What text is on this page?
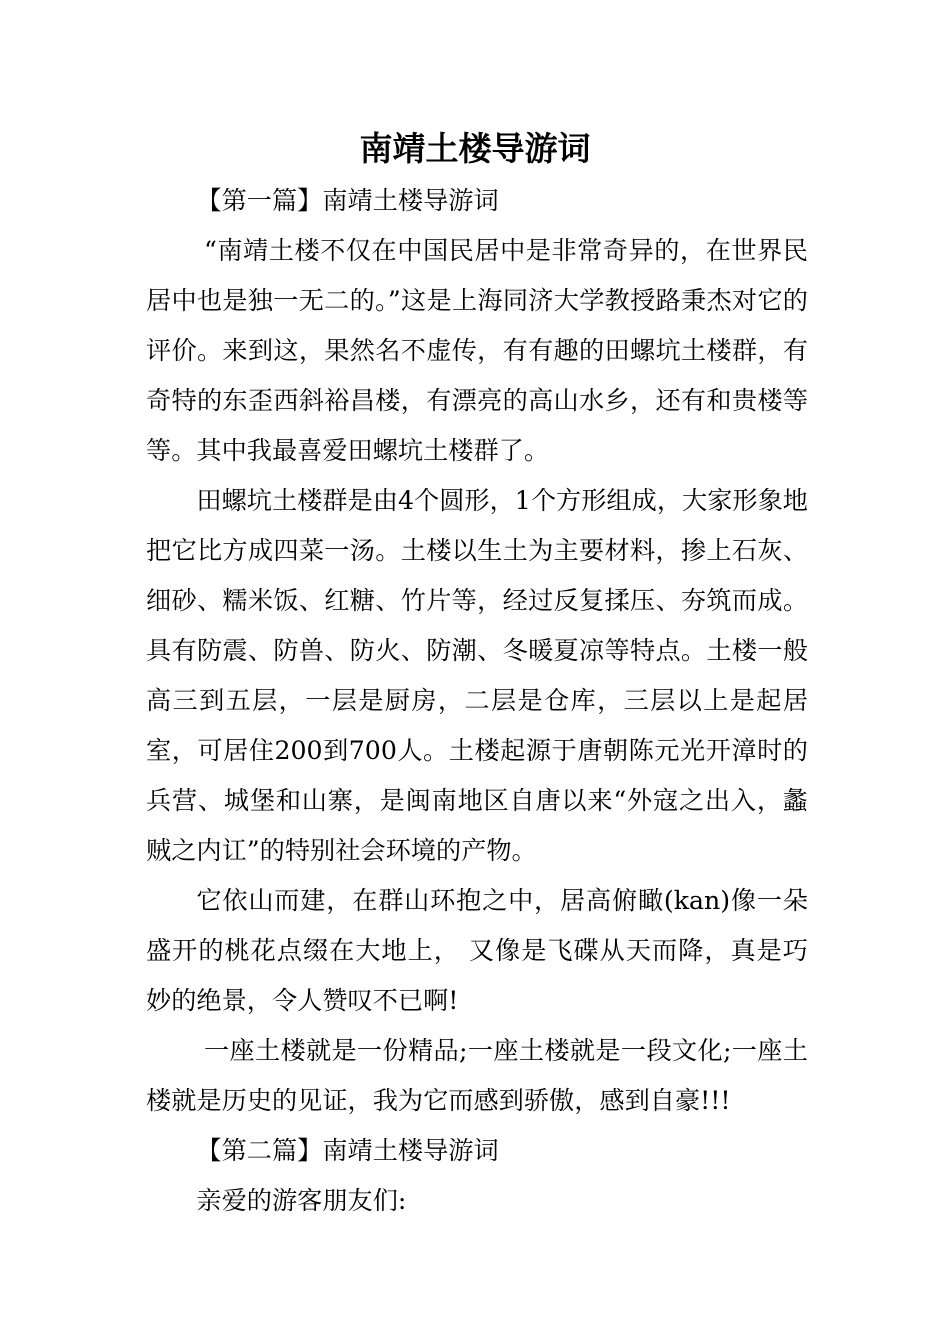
南靖土楼导游词

【第一篇】南靖土楼导游词

“南靖土楼不仅在中国民居中是非常奇异的，在世界民居中也是独一无二的。”这是上海同济大学教授路秉杰对它的评价。来到这，果然名不虚传，有有趣的田螺坑土楼群，有奇特的东歪西斜裕昌楼，有漂亮的高山水乡，还有和贵楼等等。其中我最喜爱田螺坑土楼群了。

田螺坑土楼群是由4个圆形，1个方形组成，大家形象地把它比方成四菜一汤。土楼以生土为主要材料，掺上石灰、细砂、糯米饭、红糖、竹片等，经过反复揉压、夯筑而成。具有防震、防兽、防火、防潮、冬暖夏凉等特点。土楼一般高三到五层，一层是厨房，二层是仓库，三层以上是起居室，可居住200到700人。土楼起源于唐朝陈元光开漳时的兵营、城堡和山寨，是闽南地区自唐以来“外寇之出入，蠡贼之内讧”的特别社会环境的产物。

它依山而建，在群山环抱之中，居高俯瞰(kan)像一朵盛开的桃花点缀在大地上， 又像是飞碟从天而降，真是巧妙的绝景，令人赞叹不已啊!

一座土楼就是一份精品;一座土楼就是一段文化;一座土楼就是历史的见证，我为它而感到骄傲，感到自豪!!!

【第二篇】南靖土楼导游词

亲爱的游客朋友们:
